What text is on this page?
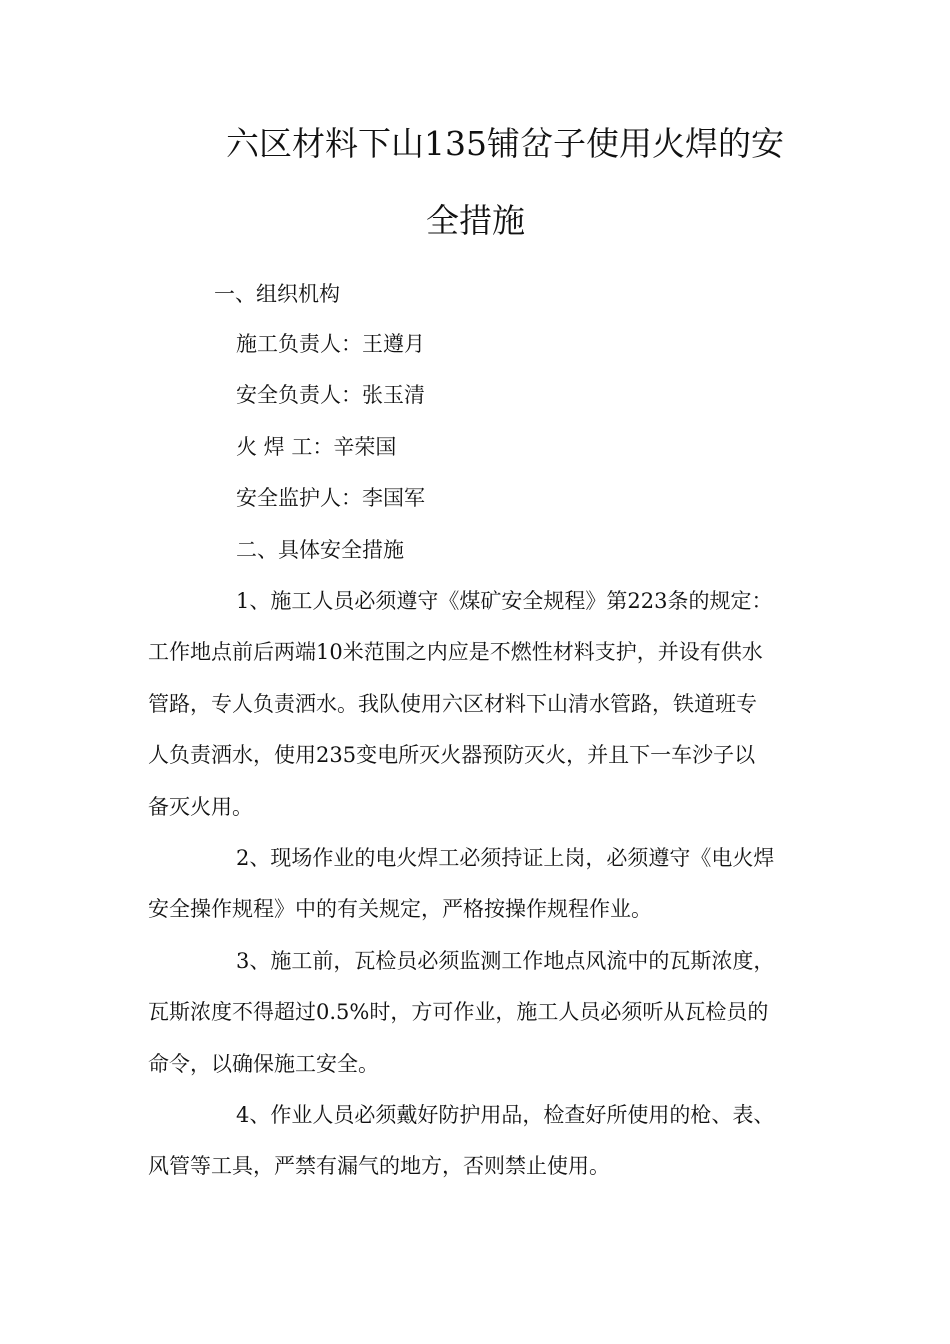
六区材料下山135铺岔子使用火焊的安
全措施
一、组织机构
施工负责人：王遵月
安全负责人：张玉清
火 焊 工：辛荣国
安全监护人：李国军
二、具体安全措施
1、施工人员必须遵守《煤矿安全规程》第223条的规定：
工作地点前后两端10米范围之内应是不燃性材料支护，并设有供水
管路，专人负责洒水。我队使用六区材料下山清水管路，铁道班专
人负责洒水，使用235变电所灭火器预防灭火，并且下一车沙子以
备灭火用。
2、现场作业的电火焊工必须持证上岗，必须遵守《电火焊
安全操作规程》中的有关规定，严格按操作规程作业。
3、施工前，瓦检员必须监测工作地点风流中的瓦斯浓度，
瓦斯浓度不得超过0.5%时，方可作业，施工人员必须听从瓦检员的
命令，以确保施工安全。
4、作业人员必须戴好防护用品，检查好所使用的枪、表、
风管等工具，严禁有漏气的地方，否则禁止使用。
